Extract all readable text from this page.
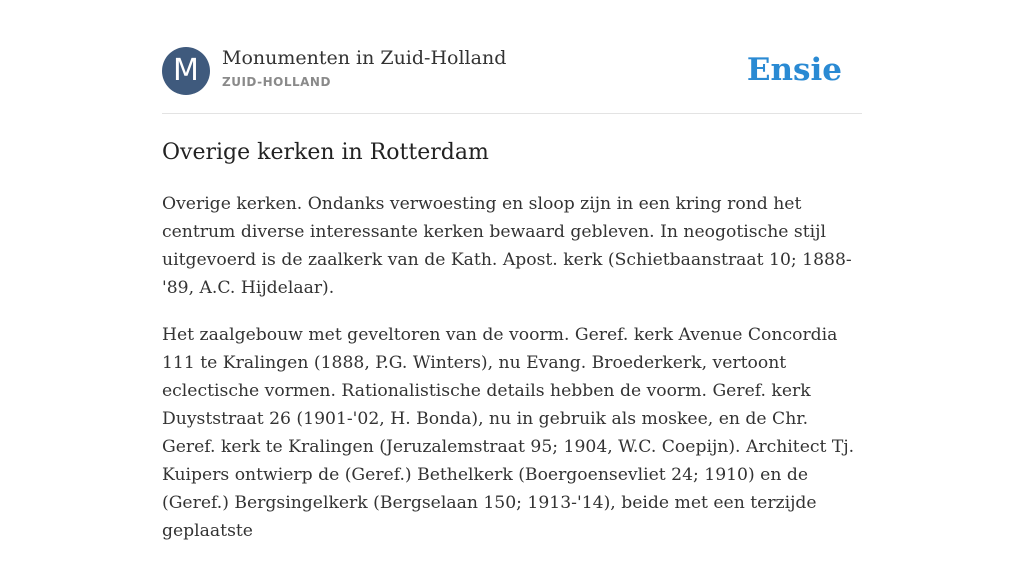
M	Monumenten in Zuid-Holland
ZUID-HOLLAND	Ensie
Overige kerken in Rotterdam

Overige kerken. Ondanks verwoesting en sloop zijn in een kring rond het centrum diverse interessante kerken bewaard gebleven. In neogotische stijl uitgevoerd is de zaalkerk van de Kath. Apost. kerk (Schietbaanstraat 10; 1888-'89, A.C. Hijdelaar).

Het zaalgebouw met geveltoren van de voorm. Geref. kerk Avenue Concordia 111 te Kralingen (1888, P.G. Winters), nu Evang. Broederkerk, vertoont eclectische vormen. Rationalistische details hebben de voorm. Geref. kerk Duyststraat 26 (1901-'02, H. Bonda), nu in gebruik als moskee, en de Chr. Geref. kerk te Kralingen (Jeruzalemstraat 95; 1904, W.C. Coepijn). Architect Tj. Kuipers ontwierp de (Geref.) Bethelkerk (Boergoensevliet 24; 1910) en de (Geref.) Bergsingelkerk (Bergselaan 150; 1913-'14), beide met een terzijde geplaatste
